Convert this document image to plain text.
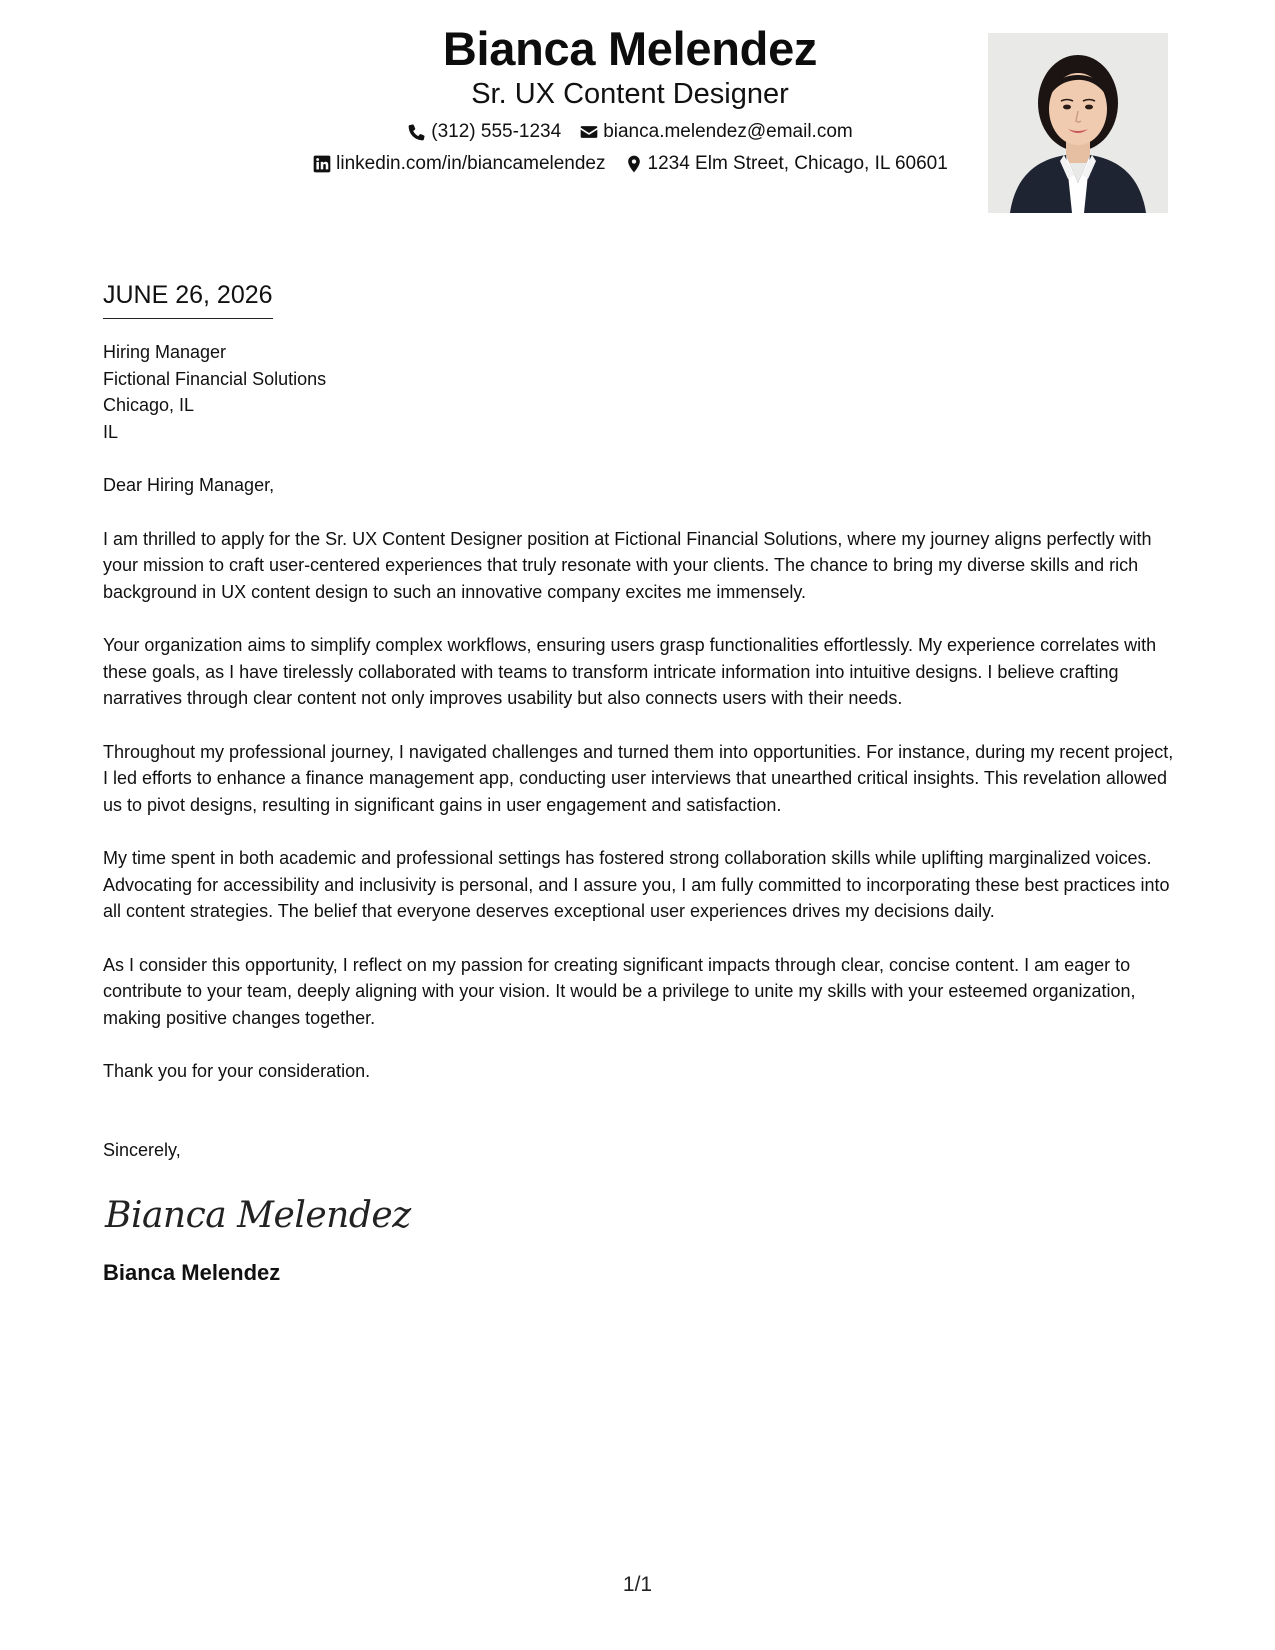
Bianca Melendez
Sr. UX Content Designer
(312) 555-1234 bianca.melendez@email.com
linkedin.com/in/biancamelendez 1234 Elm Street, Chicago, IL 60601
JUNE 26, 2026
Hiring Manager
Fictional Financial Solutions
Chicago, IL
IL
Dear Hiring Manager,

I am thrilled to apply for the Sr. UX Content Designer position at Fictional Financial Solutions, where my journey aligns perfectly with your mission to craft user-centered experiences that truly resonate with your clients. The chance to bring my diverse skills and rich background in UX content design to such an innovative company excites me immensely.

Your organization aims to simplify complex workflows, ensuring users grasp functionalities effortlessly. My experience correlates with these goals, as I have tirelessly collaborated with teams to transform intricate information into intuitive designs. I believe crafting narratives through clear content not only improves usability but also connects users with their needs.

Throughout my professional journey, I navigated challenges and turned them into opportunities. For instance, during my recent project, I led efforts to enhance a finance management app, conducting user interviews that unearthed critical insights. This revelation allowed us to pivot designs, resulting in significant gains in user engagement and satisfaction.

My time spent in both academic and professional settings has fostered strong collaboration skills while uplifting marginalized voices. Advocating for accessibility and inclusivity is personal, and I assure you, I am fully committed to incorporating these best practices into all content strategies. The belief that everyone deserves exceptional user experiences drives my decisions daily.

As I consider this opportunity, I reflect on my passion for creating significant impacts through clear, concise content. I am eager to contribute to your team, deeply aligning with your vision. It would be a privilege to unite my skills with your esteemed organization, making positive changes together.

Thank you for your consideration.
Sincerely,
Bianca Melendez
Bianca Melendez
1/1
